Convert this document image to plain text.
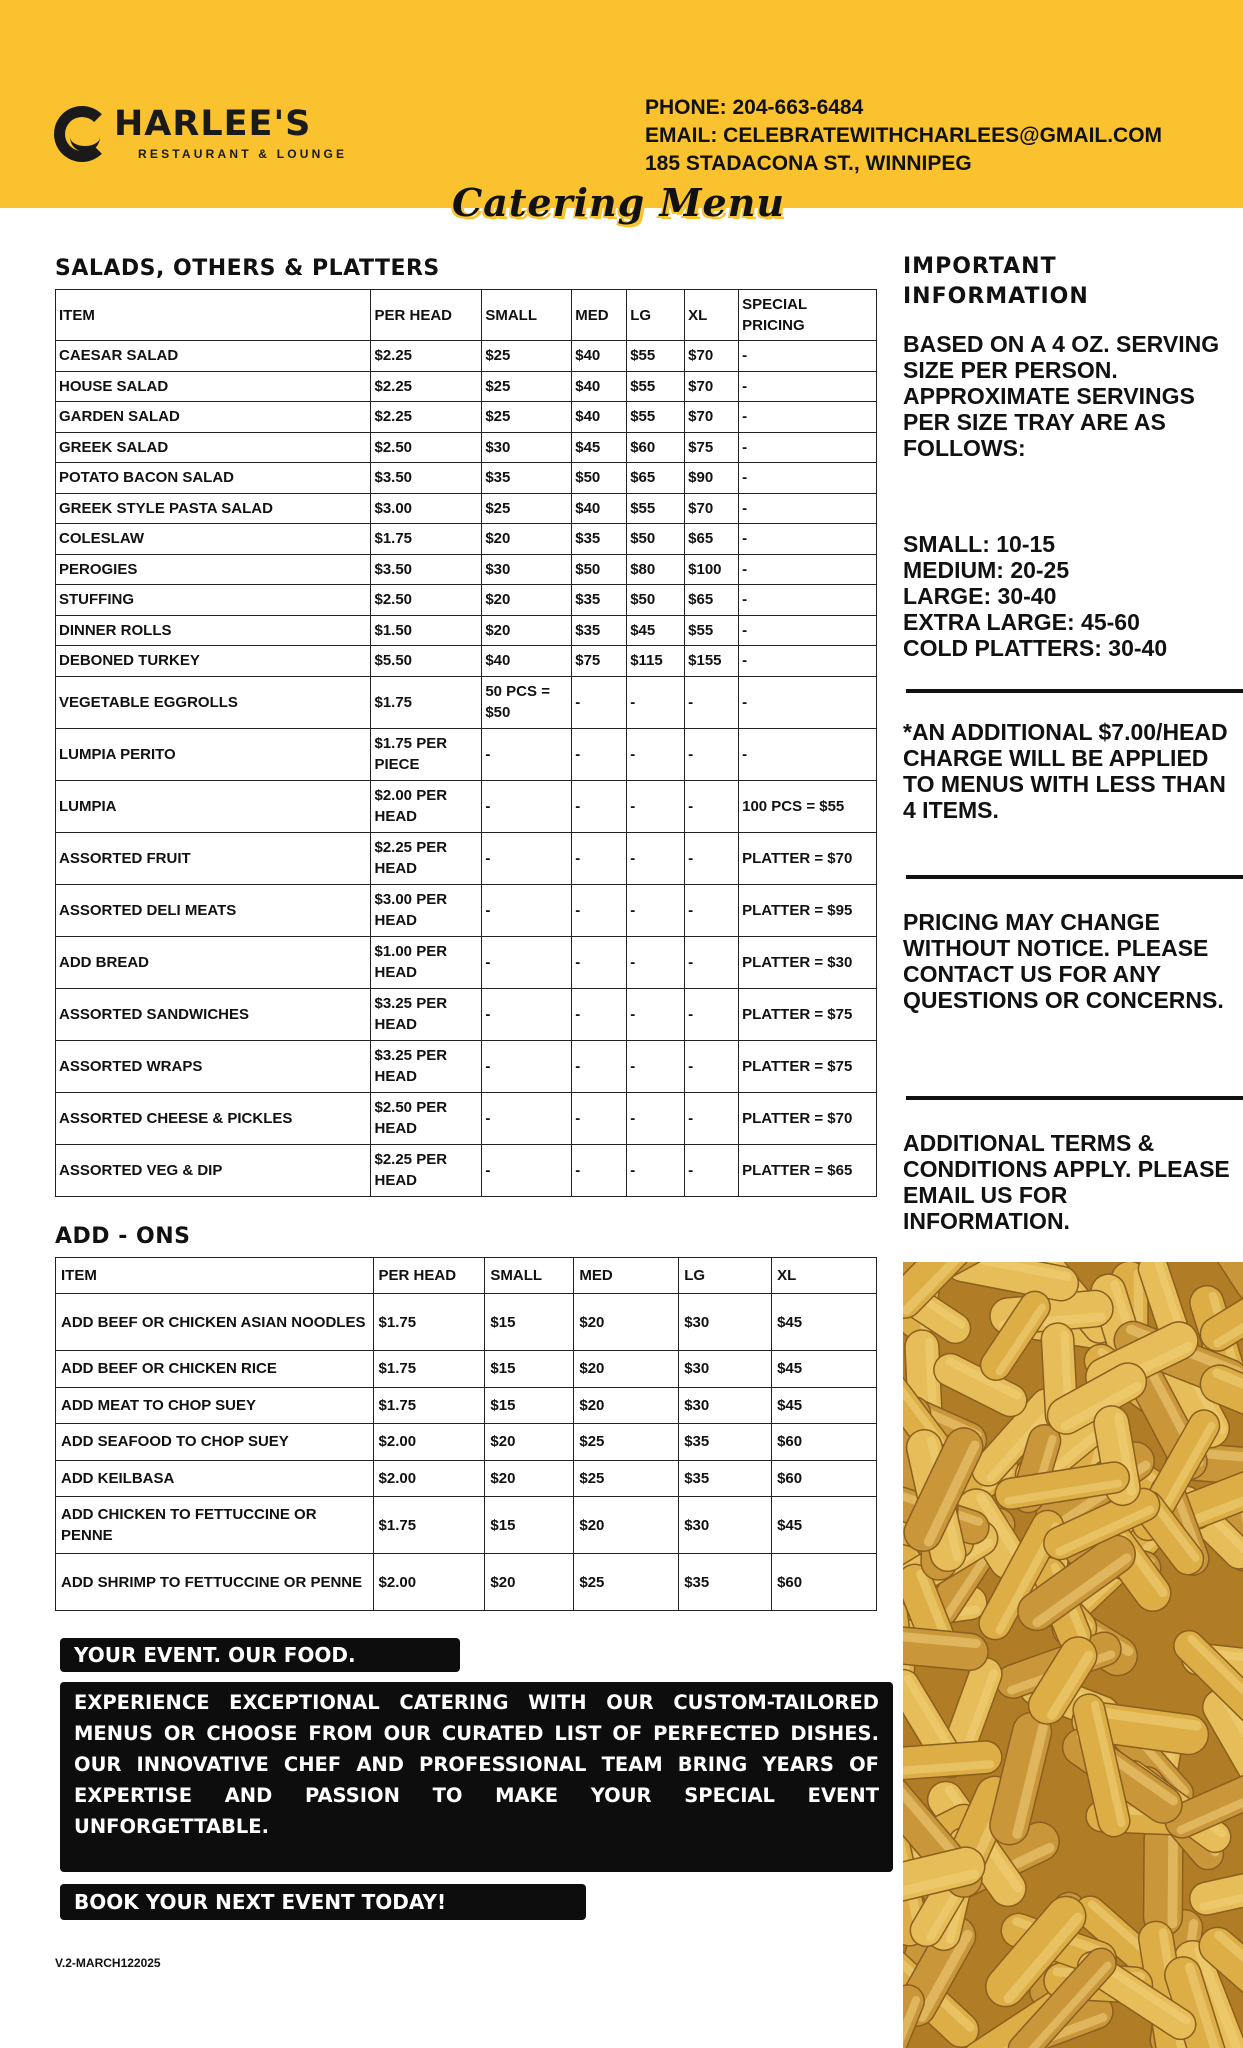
HARLEE'S
RESTAURANT & LOUNGE
PHONE: 204-663-6484
EMAIL: CELEBRATEWITHCHARLEES@GMAIL.COM
185 STADACONA ST., WINNIPEG
Catering Menu
SALADS, OTHERS & PLATTERS
ITEM	PER HEAD	SMALL	MED	LG	XL	SPECIAL PRICING
CAESAR SALAD	$2.25	$25	$40	$55	$70	-
HOUSE SALAD	$2.25	$25	$40	$55	$70	-
GARDEN SALAD	$2.25	$25	$40	$55	$70	-
GREEK SALAD	$2.50	$30	$45	$60	$75	-
POTATO BACON SALAD	$3.50	$35	$50	$65	$90	-
GREEK STYLE PASTA SALAD	$3.00	$25	$40	$55	$70	-
COLESLAW	$1.75	$20	$35	$50	$65	-
PEROGIES	$3.50	$30	$50	$80	$100	-
STUFFING	$2.50	$20	$35	$50	$65	-
DINNER ROLLS	$1.50	$20	$35	$45	$55	-
DEBONED TURKEY	$5.50	$40	$75	$115	$155	-
VEGETABLE EGGROLLS	$1.75	50 PCS = $50	-	-	-	-
LUMPIA PERITO	$1.75 PER PIECE	-	-	-	-	-
LUMPIA	$2.00 PER HEAD	-	-	-	-	100 PCS = $55
ASSORTED FRUIT	$2.25 PER HEAD	-	-	-	-	PLATTER = $70
ASSORTED DELI MEATS	$3.00 PER HEAD	-	-	-	-	PLATTER = $95
ADD BREAD	$1.00 PER HEAD	-	-	-	-	PLATTER = $30
ASSORTED SANDWICHES	$3.25 PER HEAD	-	-	-	-	PLATTER = $75
ASSORTED WRAPS	$3.25 PER HEAD	-	-	-	-	PLATTER = $75
ASSORTED CHEESE & PICKLES	$2.50 PER HEAD	-	-	-	-	PLATTER = $70
ASSORTED VEG & DIP	$2.25 PER HEAD	-	-	-	-	PLATTER = $65
ADD - ONS
ITEM	PER HEAD	SMALL	MED	LG	XL
ADD BEEF OR CHICKEN ASIAN NOODLES	$1.75	$15	$20	$30	$45
ADD BEEF OR CHICKEN RICE	$1.75	$15	$20	$30	$45
ADD MEAT TO CHOP SUEY	$1.75	$15	$20	$30	$45
ADD SEAFOOD TO CHOP SUEY	$2.00	$20	$25	$35	$60
ADD KEILBASA	$2.00	$20	$25	$35	$60
ADD CHICKEN TO FETTUCCINE OR PENNE	$1.75	$15	$20	$30	$45
ADD SHRIMP TO FETTUCCINE OR PENNE	$2.00	$20	$25	$35	$60
IMPORTANT INFORMATION
BASED ON A 4 OZ. SERVING SIZE PER PERSON. APPROXIMATE SERVINGS PER SIZE TRAY ARE AS FOLLOWS:
SMALL: 10-15
MEDIUM: 20-25
LARGE: 30-40
EXTRA LARGE: 45-60
COLD PLATTERS: 30-40
*AN ADDITIONAL $7.00/HEAD CHARGE WILL BE APPLIED TO MENUS WITH LESS THAN 4 ITEMS.
PRICING MAY CHANGE WITHOUT NOTICE. PLEASE CONTACT US FOR ANY QUESTIONS OR CONCERNS.
ADDITIONAL TERMS & CONDITIONS APPLY. PLEASE EMAIL US FOR INFORMATION.
YOUR EVENT. OUR FOOD.
EXPERIENCE EXCEPTIONAL CATERING WITH OUR CUSTOM-TAILORED MENUS OR CHOOSE FROM OUR CURATED LIST OF PERFECTED DISHES. OUR INNOVATIVE CHEF AND PROFESSIONAL TEAM BRING YEARS OF EXPERTISE AND PASSION TO MAKE YOUR SPECIAL EVENT UNFORGETTABLE.
BOOK YOUR NEXT EVENT TODAY!
V.2-MARCH122025
